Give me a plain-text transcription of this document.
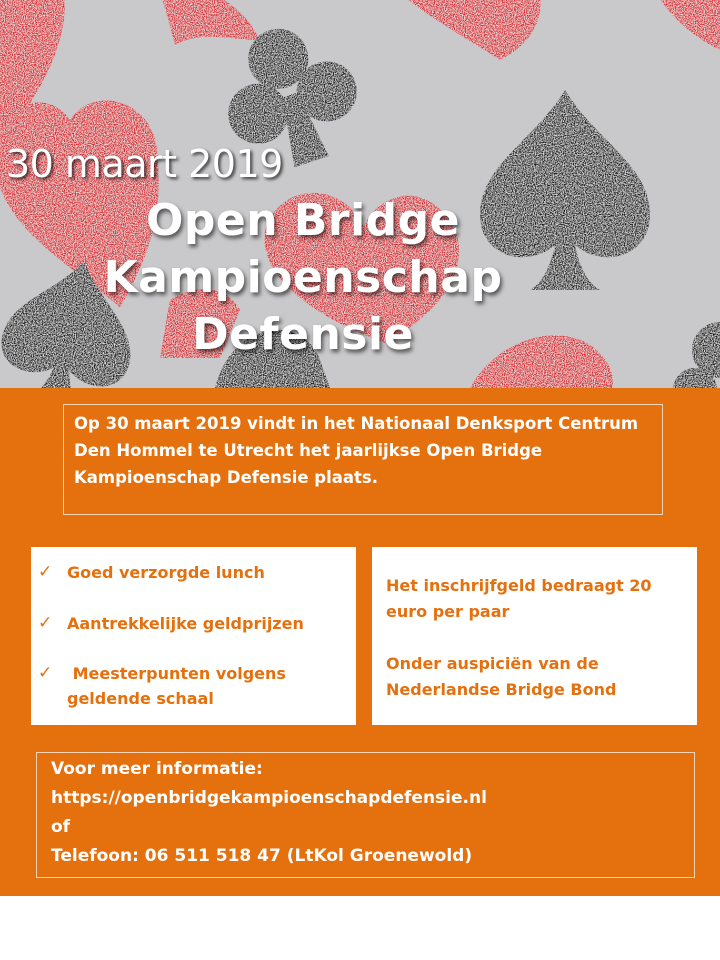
30 maart 2019
Open Bridge
Kampioenschap
Defensie
Op 30 maart 2019 vindt in het Nationaal Denksport Centrum Den Hommel te Utrecht het jaarlijkse Open Bridge Kampioenschap Defensie plaats.
✓ Goed verzorgde lunch
✓ Aantrekkelijke geldprijzen
✓ Meesterpunten volgens geldende schaal
Het inschrijfgeld bedraagt 20 euro per paar
Onder auspiciën van de Nederlandse Bridge Bond
Voor meer informatie:
https://openbridgekampioenschapdefensie.nl
of
Telefoon: 06 511 518 47 (LtKol Groenewold)
